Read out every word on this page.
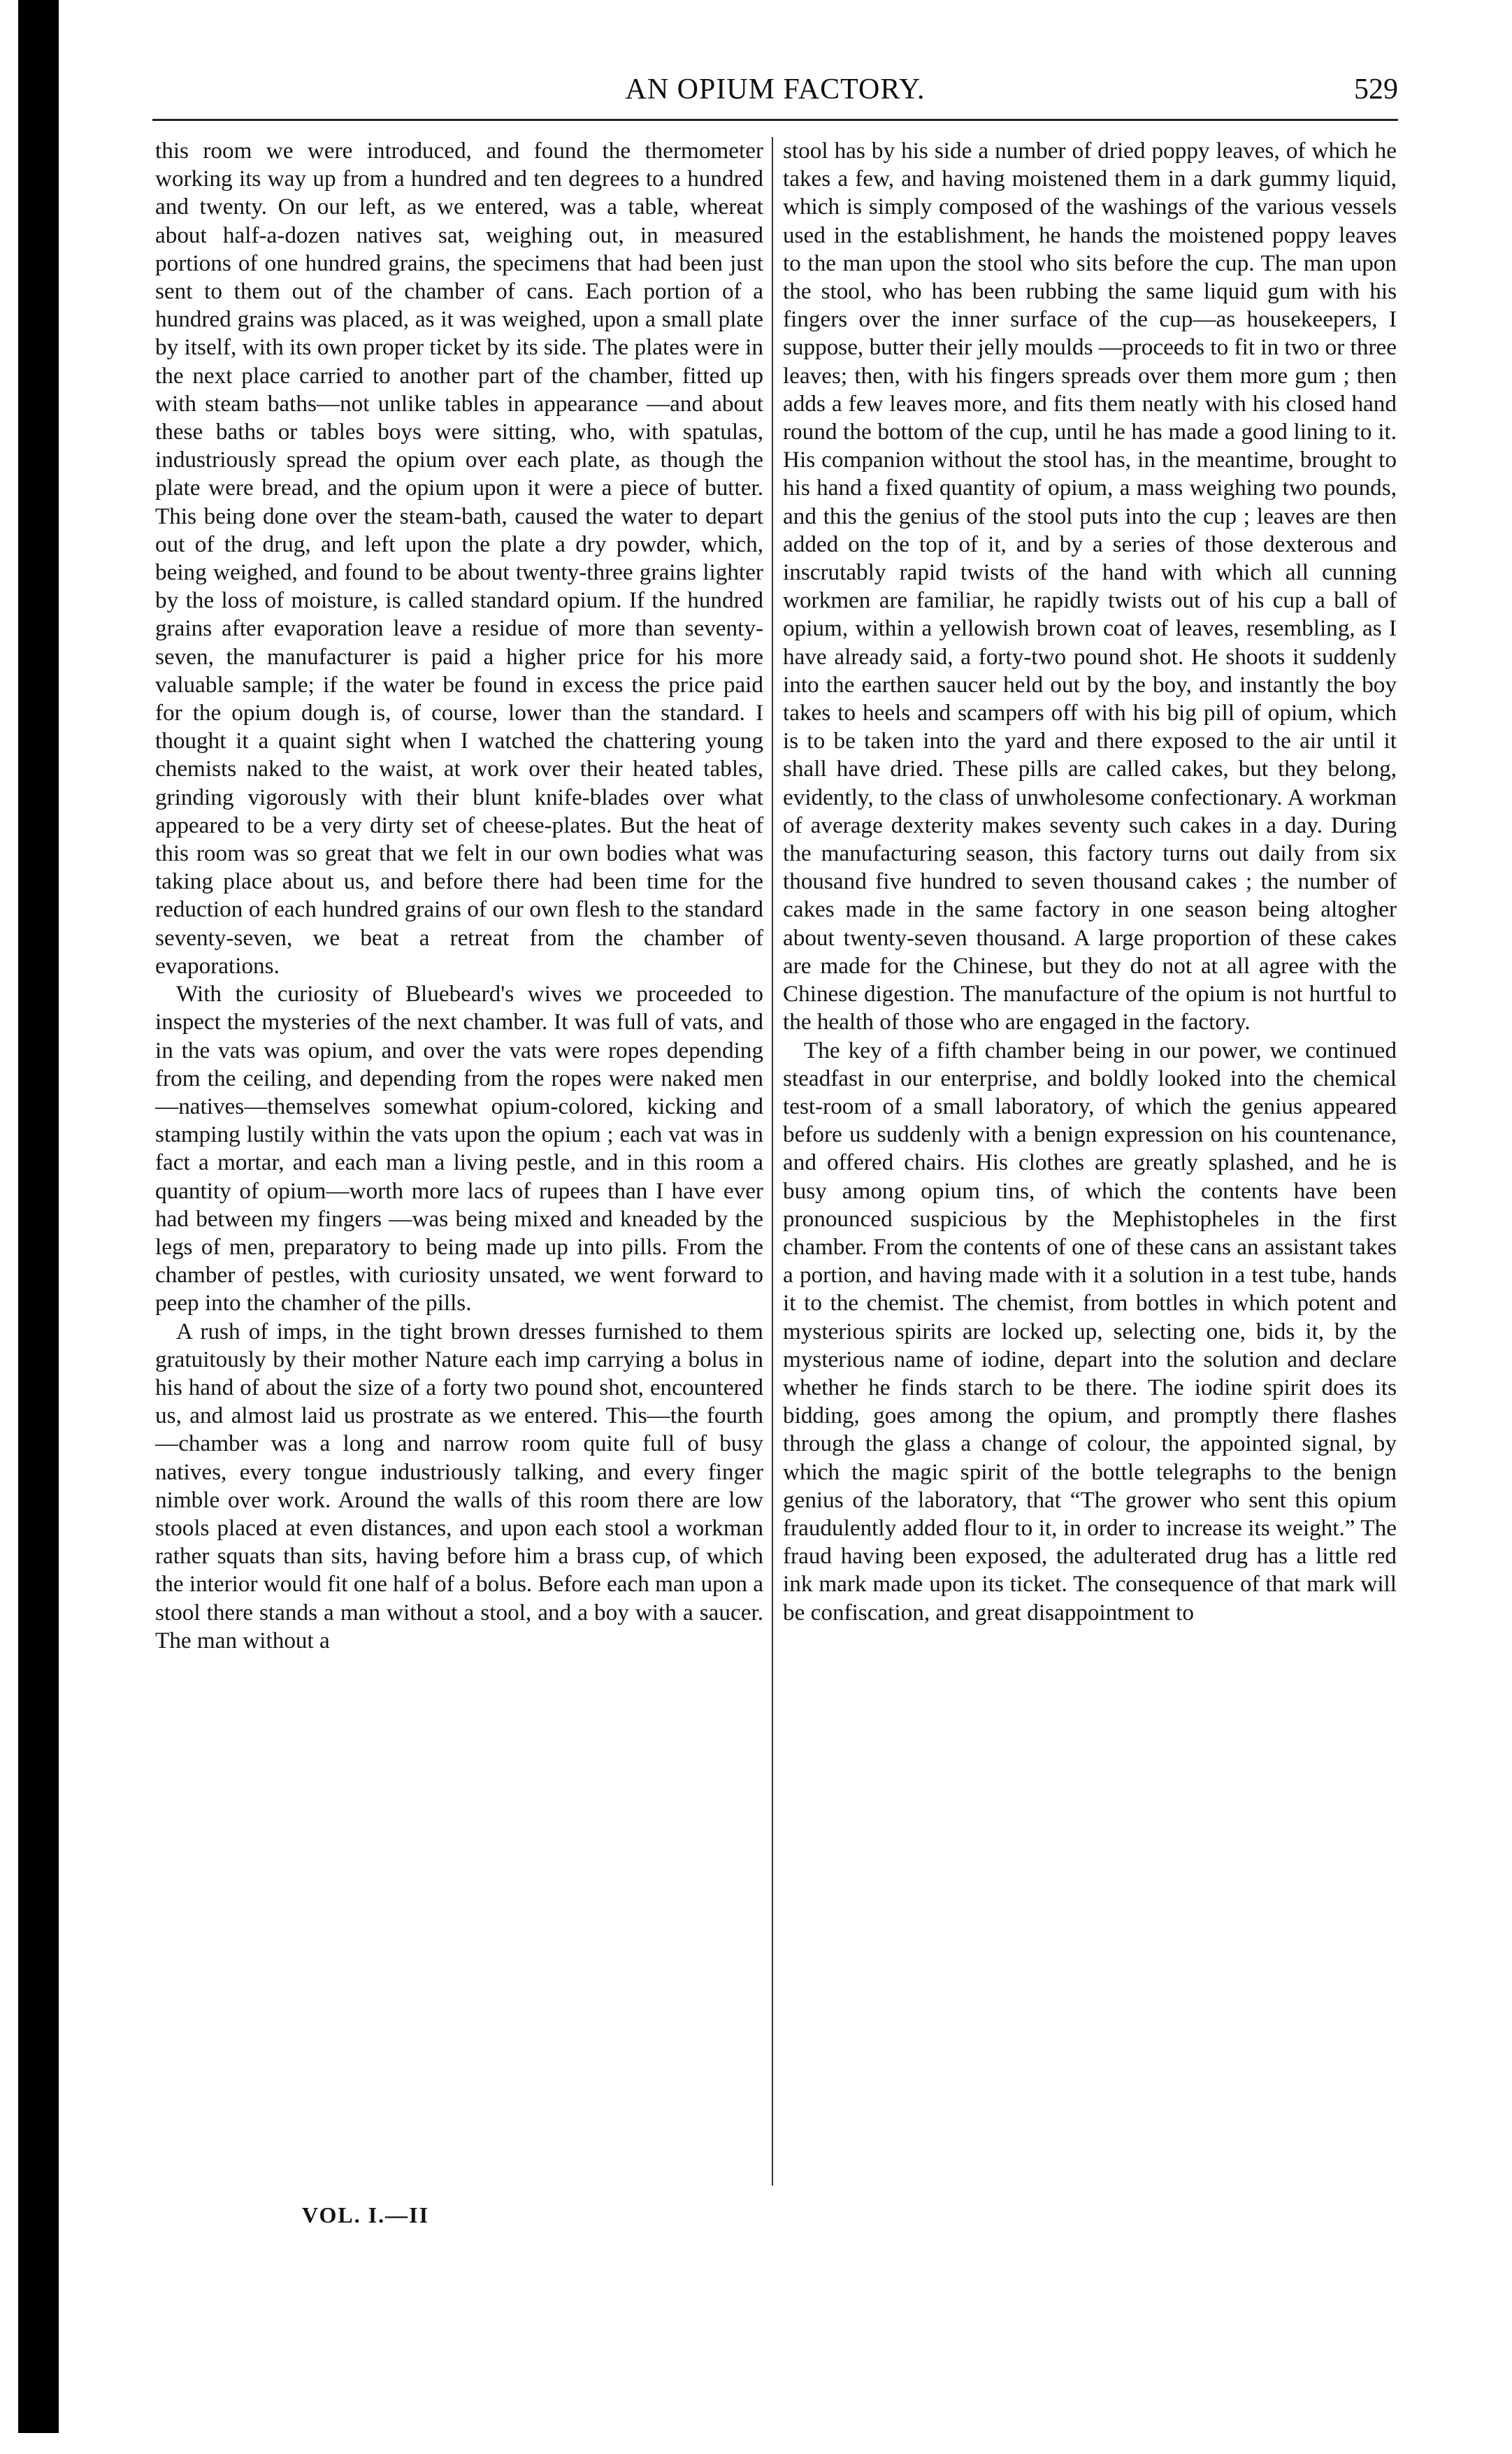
AN OPIUM FACTORY.	529

this room we were introduced, and found the thermometer working its way up from a hundred and ten degrees to a hundred and twenty. On our left, as we entered, was a table, whereat about half-a-dozen natives sat, weighing out, in measured portions of one hundred grains, the specimens that had been just sent to them out of the chamber of cans. Each portion of a hundred grains was placed, as it was weighed, upon a small plate by itself, with its own proper ticket by its side. The plates were in the next place carried to another part of the chamber, fitted up with steam baths—not unlike tables in appearance —and about these baths or tables boys were sitting, who, with spatulas, industriously spread the opium over each plate, as though the plate were bread, and the opium upon it were a piece of butter. This being done over the steam-bath, caused the water to depart out of the drug, and left upon the plate a dry powder, which, being weighed, and found to be about twenty-three grains lighter by the loss of moisture, is called standard opium. If the hundred grains after evaporation leave a residue of more than seventy-seven, the manufacturer is paid a higher price for his more valuable sample; if the water be found in excess the price paid for the opium dough is, of course, lower than the standard. I thought it a quaint sight when I watched the chattering young chemists naked to the waist, at work over their heated tables, grinding vigorously with their blunt knife-blades over what appeared to be a very dirty set of cheese-plates. But the heat of this room was so great that we felt in our own bodies what was taking place about us, and before there had been time for the reduction of each hundred grains of our own flesh to the standard seventy-seven, we beat a retreat from the chamber of evaporations.

With the curiosity of Bluebeard's wives we proceeded to inspect the mysteries of the next chamber. It was full of vats, and in the vats was opium, and over the vats were ropes depending from the ceiling, and depending from the ropes were naked men—natives—themselves somewhat opium-colored, kicking and stamping lustily within the vats upon the opium ; each vat was in fact a mortar, and each man a living pestle, and in this room a quantity of opium—worth more lacs of rupees than I have ever had between my fingers —was being mixed and kneaded by the legs of men, preparatory to being made up into pills. From the chamber of pestles, with curiosity unsated, we went forward to peep into the chamher of the pills.

A rush of imps, in the tight brown dresses furnished to them gratuitously by their mother Nature each imp carrying a bolus in his hand of about the size of a forty two pound shot, encountered us, and almost laid us prostrate as we entered. This—the fourth—chamber was a long and narrow room quite full of busy natives, every tongue industriously talking, and every finger nimble over work. Around the walls of this room there are low stools placed at even distances, and upon each stool a workman rather squats than sits, having before him a brass cup, of which the interior would fit one half of a bolus. Before each man upon a stool there stands a man without a stool, and a boy with a saucer. The man without a

stool has by his side a number of dried poppy leaves, of which he takes a few, and having moistened them in a dark gummy liquid, which is simply composed of the washings of the various vessels used in the establishment, he hands the moistened poppy leaves to the man upon the stool who sits before the cup. The man upon the stool, who has been rubbing the same liquid gum with his fingers over the inner surface of the cup—as housekeepers, I suppose, butter their jelly moulds —proceeds to fit in two or three leaves; then, with his fingers spreads over them more gum ; then adds a few leaves more, and fits them neatly with his closed hand round the bottom of the cup, until he has made a good lining to it. His companion without the stool has, in the meantime, brought to his hand a fixed quantity of opium, a mass weighing two pounds, and this the genius of the stool puts into the cup ; leaves are then added on the top of it, and by a series of those dexterous and inscrutably rapid twists of the hand with which all cunning workmen are familiar, he rapidly twists out of his cup a ball of opium, within a yellowish brown coat of leaves, resembling, as I have already said, a forty-two pound shot. He shoots it suddenly into the earthen saucer held out by the boy, and instantly the boy takes to heels and scampers off with his big pill of opium, which is to be taken into the yard and there exposed to the air until it shall have dried. These pills are called cakes, but they belong, evidently, to the class of unwholesome confectionary. A workman of average dexterity makes seventy such cakes in a day. During the manufacturing season, this factory turns out daily from six thousand five hundred to seven thousand cakes ; the number of cakes made in the same factory in one season being altogher about twenty-seven thousand. A large proportion of these cakes are made for the Chinese, but they do not at all agree with the Chinese digestion. The manufacture of the opium is not hurtful to the health of those who are engaged in the factory.

The key of a fifth chamber being in our power, we continued steadfast in our enterprise, and boldly looked into the chemical test-room of a small laboratory, of which the genius appeared before us suddenly with a benign expression on his countenance, and offered chairs. His clothes are greatly splashed, and he is busy among opium tins, of which the contents have been pronounced suspicious by the Mephistopheles in the first chamber. From the contents of one of these cans an assistant takes a portion, and having made with it a solution in a test tube, hands it to the chemist. The chemist, from bottles in which potent and mysterious spirits are locked up, selecting one, bids it, by the mysterious name of iodine, depart into the solution and declare whether he finds starch to be there. The iodine spirit does its bidding, goes among the opium, and promptly there flashes through the glass a change of colour, the appointed signal, by which the magic spirit of the bottle telegraphs to the benign genius of the laboratory, that “The grower who sent this opium fraudulently added flour to it, in order to increase its weight.” The fraud having been exposed, the adulterated drug has a little red ink mark made upon its ticket. The consequence of that mark will be confiscation, and great disappointment to

VOL. I.—II
